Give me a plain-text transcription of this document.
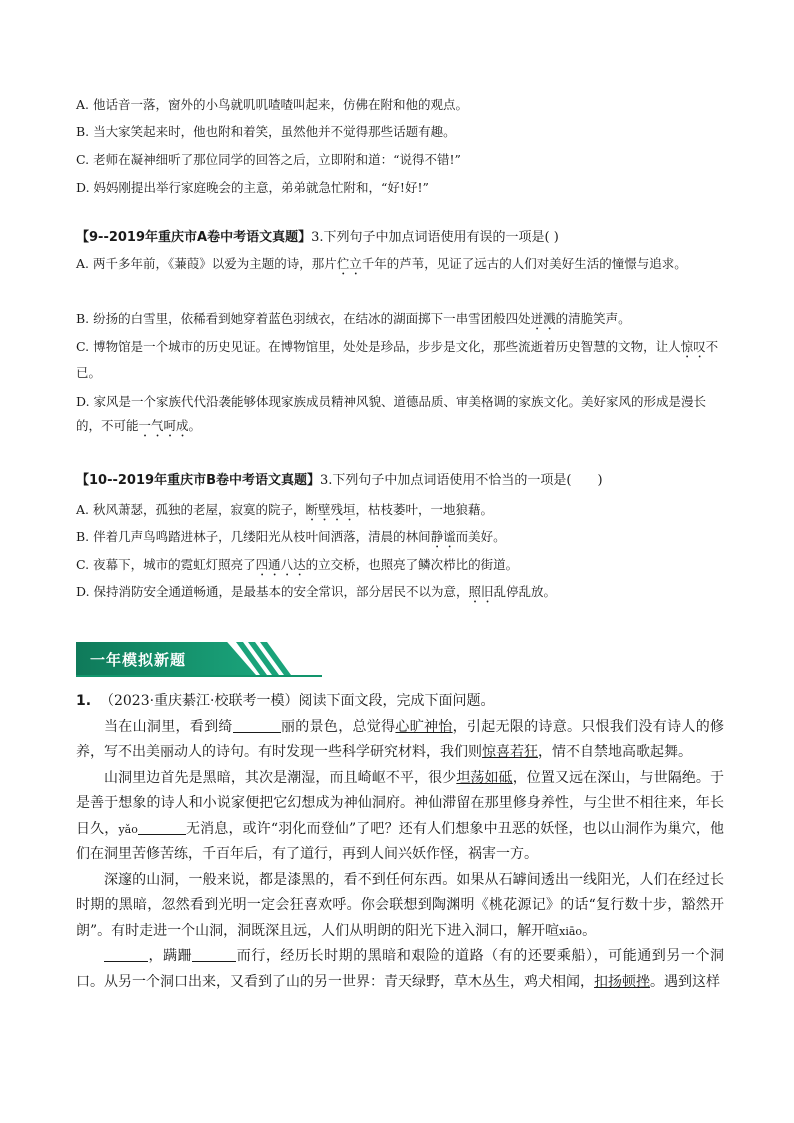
A. 他话音一落，窗外的小鸟就叽叽喳喳叫起来，仿佛在附和他的观点。
B. 当大家笑起来时，他也附和着笑，虽然他并不觉得那些话题有趣。
C. 老师在凝神细听了那位同学的回答之后，立即附和道：“说得不错!”
D. 妈妈刚提出举行家庭晚会的主意，弟弟就急忙附和，“好!好!”
【9--2019年重庆市A卷中考语文真题】3.下列句子中加点词语使用有误的一项是( )
A. 两千多年前，《蒹葭》以爱为主题的诗，那片伫立千年的芦苇，见证了远古的人们对美好生活的憧憬与追求。
B. 纷扬的白雪里，依稀看到她穿着蓝色羽绒衣，在结冰的湖面掷下一串雪团般四处迸溅的清脆笑声。
C. 博物馆是一个城市的历史见证。在博物馆里，处处是珍品，步步是文化，那些流逝着历史智慧的文物，让人惊叹不已。
D. 家风是一个家族代代沿袭能够体现家族成员精神风貌、道德品质、审美格调的家族文化。美好家风的形成是漫长的，不可能一气呵成。
【10--2019年重庆市B卷中考语文真题】3.下列句子中加点词语使用不恰当的一项是(　　)
A. 秋风萧瑟，孤独的老屋，寂寞的院子，断壁残垣，枯枝萎叶，一地狼藉。
B. 伴着几声鸟鸣踏进林子，几缕阳光从枝叶间洒落，清晨的林间静谧而美好。
C. 夜幕下，城市的霓虹灯照亮了四通八达的立交桥，也照亮了鳞次栉比的街道。
D. 保持消防安全通道畅通，是最基本的安全常识，部分居民不以为意，照旧乱停乱放。
一年模拟新题

1. （2023·重庆綦江·校联考一模）阅读下面文段，完成下面问题。

当在山洞里，看到绮	丽的景色，总觉得心旷神怡，引起无限的诗意。只恨我们没有诗人的修养，写不出美丽动人的诗句。有时发现一些科学研究材料，我们则惊喜若狂，情不自禁地高歌起舞。

山洞里边首先是黑暗，其次是潮湿，而且崎岖不平，很少坦荡如砥，位置又远在深山，与世隔绝。于是善于想象的诗人和小说家便把它幻想成为神仙洞府。神仙滞留在那里修身养性，与尘世不相往来，年长日久，yǎo	无消息，或许“羽化而登仙”了吧？还有人们想象中丑恶的妖怪，也以山洞作为巢穴，他们在洞里苦修苦练，千百年后，有了道行，再到人间兴妖作怪，祸害一方。

深邃的山洞，一般来说，都是漆黑的，看不到任何东西。如果从石罅间透出一线阳光，人们在经过长时期的黑暗，忽然看到光明一定会狂喜欢呼。你会联想到陶渊明《桃花源记》的话“复行数十步，豁然开朗”。有时走进一个山洞，洞既深且远，人们从明朗的阳光下进入洞口，解开喧xiāo。

，蹒跚	而行，经历长时期的黑暗和艰险的道路（有的还要乘船），可能通到另一个洞口。从另一个洞口出来，又看到了山的另一世界：青天绿野，草木丛生，鸡犬相闻，扣扬顿挫。遇到这样
